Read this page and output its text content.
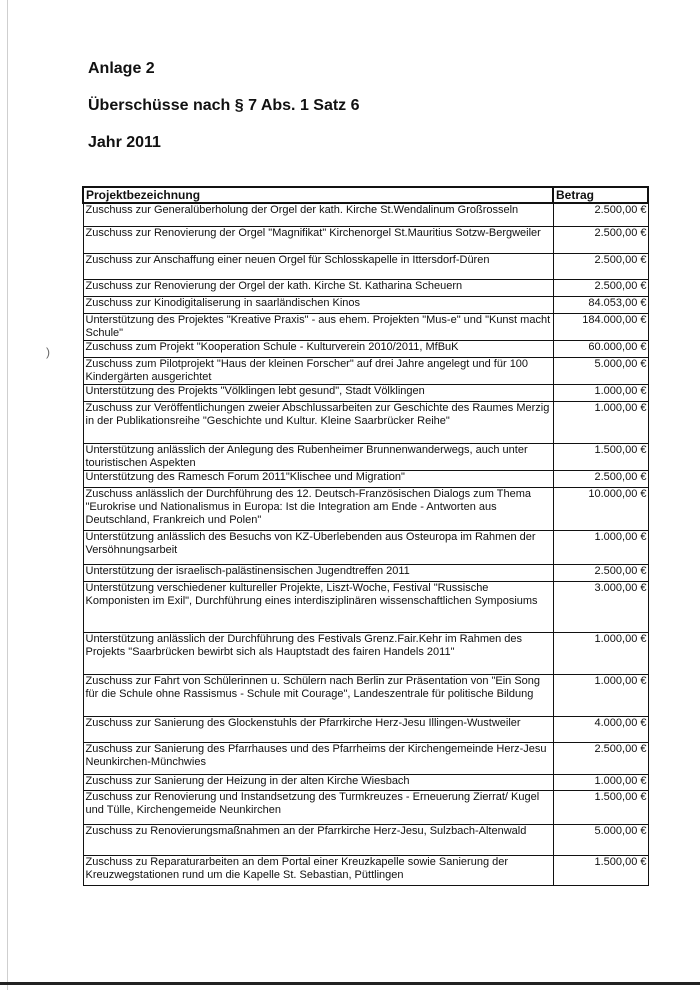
)
Anlage 2
Überschüsse nach § 7 Abs. 1 Satz 6
Jahr 2011
Projektbezeichnung	Betrag
Zuschuss zur Generalüberholung der Orgel der kath. Kirche St.Wendalinum Großrosseln	2.500,00 €
Zuschuss zur Renovierung der Orgel "Magnifikat" Kirchenorgel St.Mauritius Sotzw-Bergweiler	2.500,00 €
Zuschuss zur Anschaffung einer neuen Orgel für Schlosskapelle in Ittersdorf-Düren	2.500,00 €
Zuschuss zur Renovierung der Orgel der kath. Kirche St. Katharina Scheuern	2.500,00 €
Zuschuss zur Kinodigitaliserung in saarländischen Kinos	84.053,00 €
Unterstützung des Projektes "Kreative Praxis" - aus ehem. Projekten "Mus-e" und "Kunst macht Schule"	184.000,00 €
Zuschuss zum Projekt "Kooperation Schule - Kulturverein 2010/2011, MfBuK	60.000,00 €
Zuschuss zum Pilotprojekt "Haus der kleinen Forscher" auf drei Jahre angelegt und für 100 Kindergärten ausgerichtet	5.000,00 €
Unterstützung des Projekts "Völklingen lebt gesund", Stadt Völklingen	1.000,00 €
Zuschuss zur Veröffentlichungen zweier Abschlussarbeiten zur Geschichte des Raumes Merzig in der Publikationsreihe "Geschichte und Kultur. Kleine Saarbrücker Reihe"	1.000,00 €
Unterstützung anlässlich der Anlegung des Rubenheimer Brunnenwanderwegs, auch unter touristischen Aspekten	1.500,00 €
Unterstützung des Ramesch Forum 2011"Klischee und Migration"	2.500,00 €
Zuschuss anlässlich der Durchführung des 12. Deutsch-Französischen Dialogs zum Thema "Eurokrise und Nationalismus in Europa: Ist die Integration am Ende - Antworten aus Deutschland, Frankreich und Polen"	10.000,00 €
Unterstützung anlässlich des Besuchs von KZ-Überlebenden aus Osteuropa im Rahmen der Versöhnungsarbeit	1.000,00 €
Unterstützung der israelisch-palästinensischen Jugendtreffen 2011	2.500,00 €
Unterstützung verschiedener kultureller Projekte, Liszt-Woche, Festival "Russische Komponisten im Exil", Durchführung eines interdisziplinären wissenschaftlichen Symposiums	3.000,00 €
Unterstützung anlässlich der Durchführung des Festivals Grenz.Fair.Kehr im Rahmen des Projekts "Saarbrücken bewirbt sich als Hauptstadt des fairen Handels 2011"	1.000,00 €
Zuschuss zur Fahrt von Schülerinnen u. Schülern nach Berlin zur Präsentation von "Ein Song für die Schule ohne Rassismus - Schule mit Courage", Landeszentrale für politische Bildung	1.000,00 €
Zuschuss zur Sanierung des Glockenstuhls der Pfarrkirche Herz-Jesu Illingen-Wustweiler	4.000,00 €
Zuschuss zur Sanierung des Pfarrhauses und des Pfarrheims der Kirchengemeinde Herz-Jesu Neunkirchen-Münchwies	2.500,00 €
Zuschuss zur Sanierung der Heizung in der alten Kirche Wiesbach	1.000,00 €
Zuschuss zur Renovierung und Instandsetzung des Turmkreuzes - Erneuerung Zierrat/ Kugel und Tülle, Kirchengemeide Neunkirchen	1.500,00 €
Zuschuss zu Renovierungsmaßnahmen an der Pfarrkirche Herz-Jesu, Sulzbach-Altenwald	5.000,00 €
Zuschuss zu Reparaturarbeiten an dem Portal einer Kreuzkapelle sowie Sanierung der Kreuzwegstationen rund um die Kapelle St. Sebastian, Püttlingen	1.500,00 €
